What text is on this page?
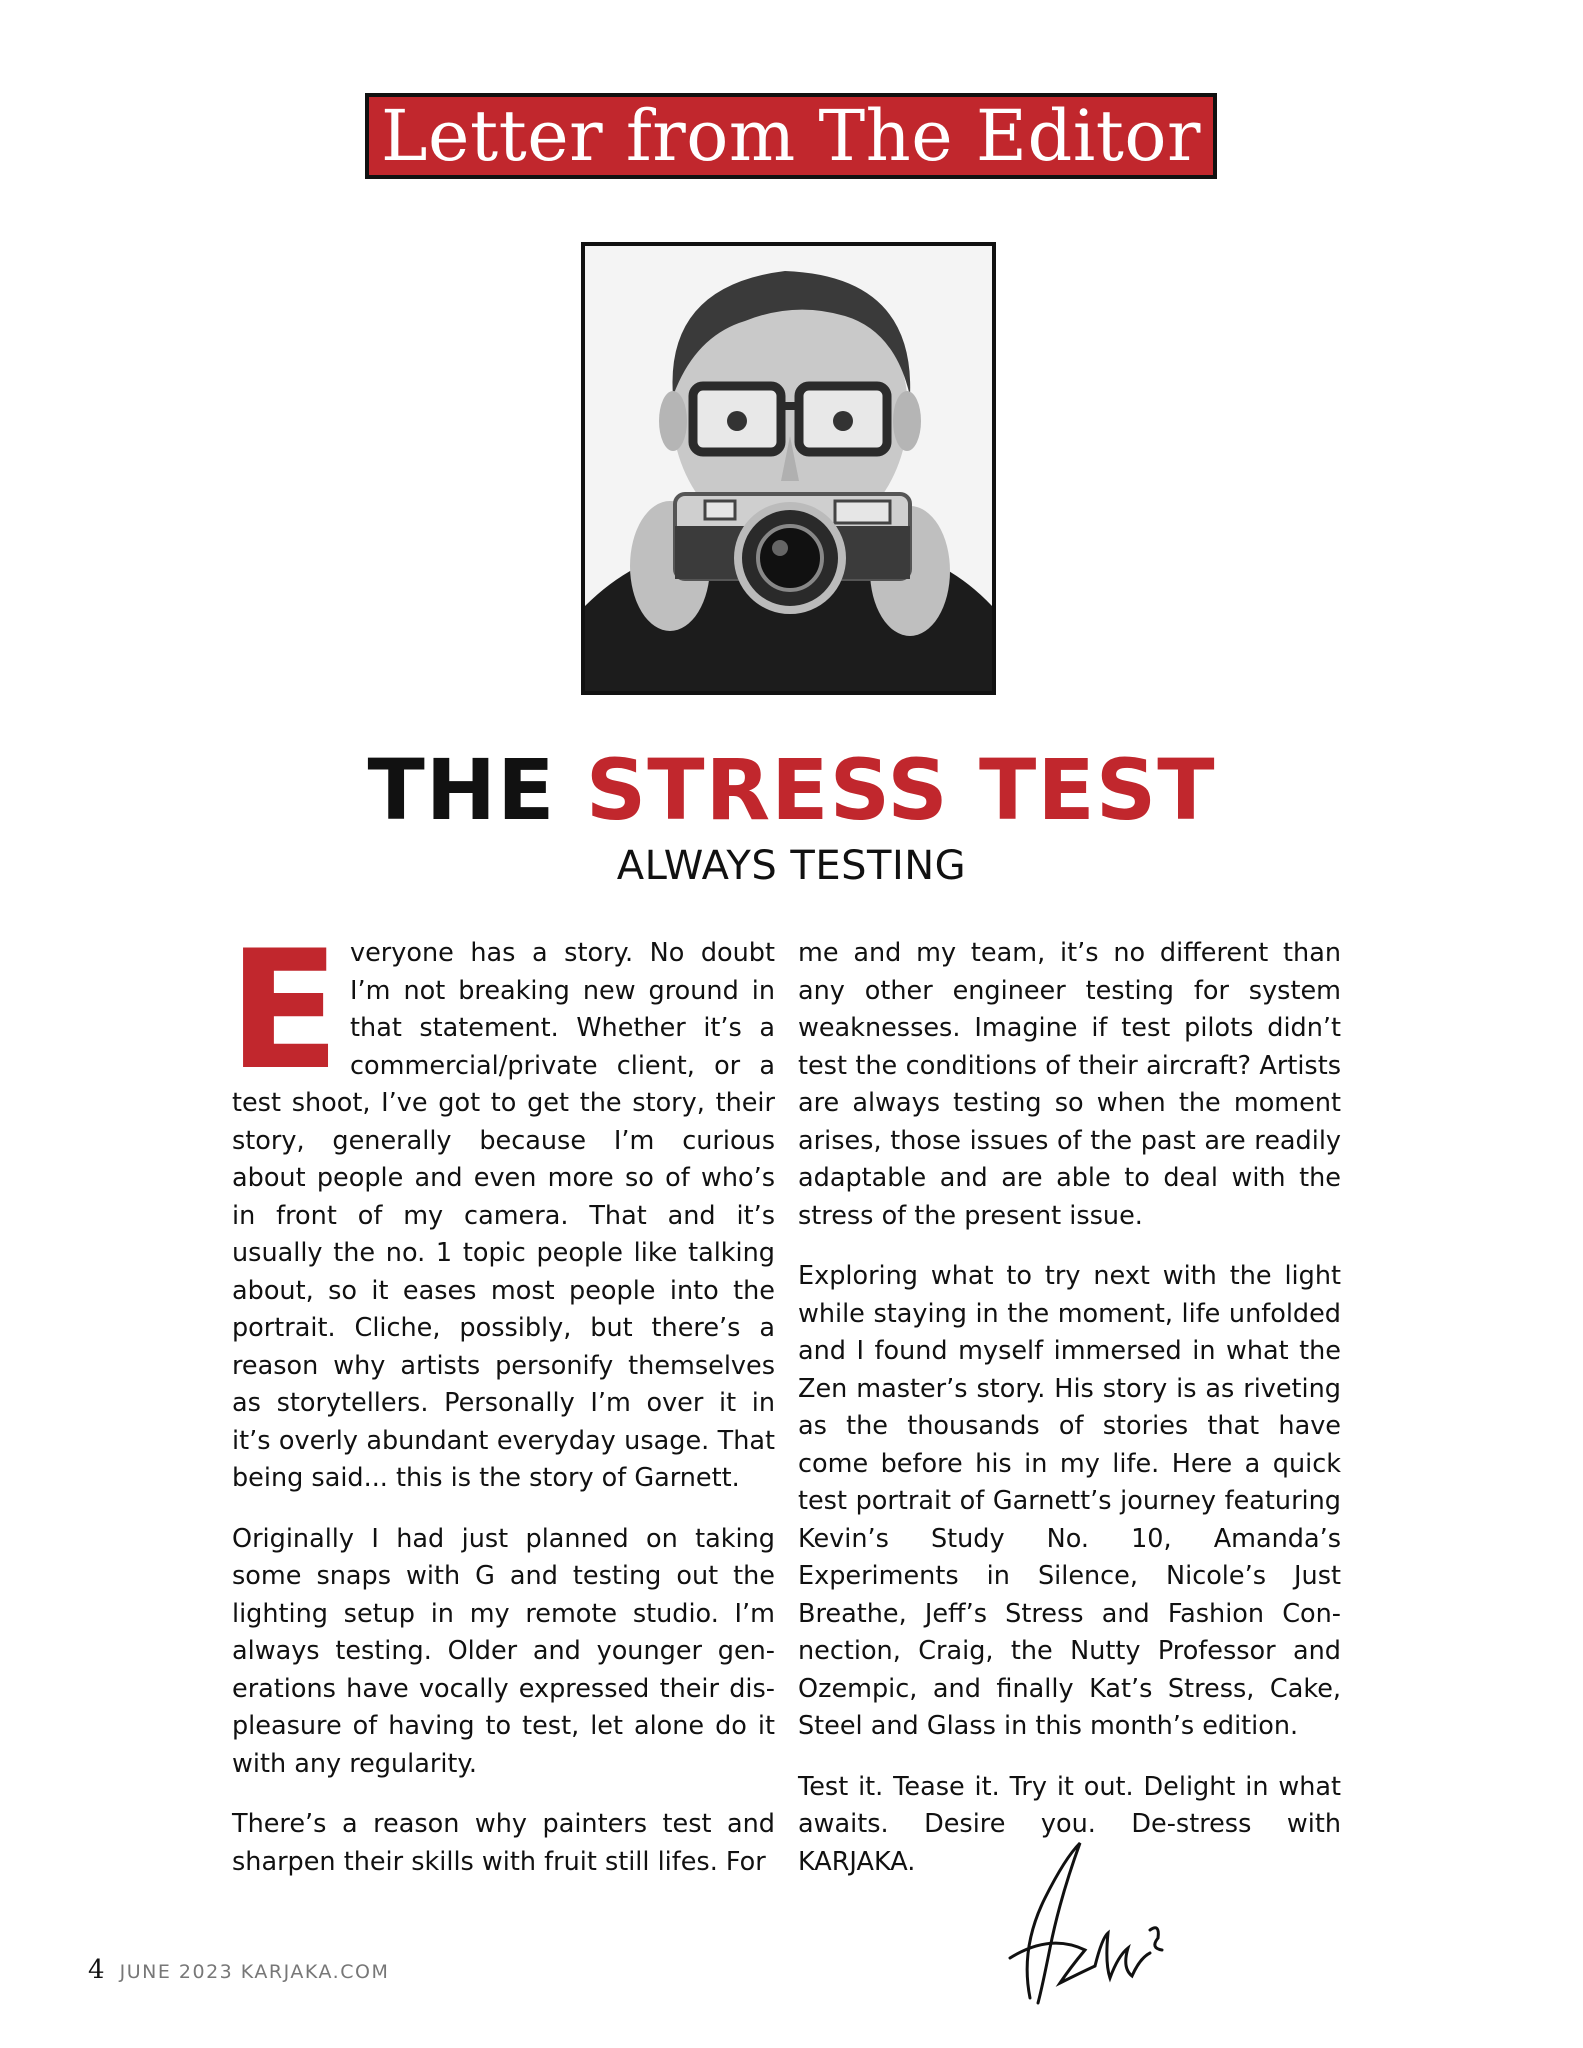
Letter from The Editor
THE STRESS TEST
ALWAYS TESTING

Everyone has a story. No doubt I’m not breaking new ground in that statement. Whether it’s a commercial/private client, or a test shoot, I’ve got to get the story, their story, generally because I’m curious about people and even more so of who’s in front of my camera. That and it’s usually the no. 1 topic people like talking about, so it eases most people into the portrait. Cliche, possibly, but there’s a reason why artists personify themselves as storytellers. Personally I’m over it in it’s overly abundant everyday usage. That being said... this is the story of Garnett.

Originally I had just planned on taking some snaps with G and testing out the lighting setup in my remote studio. I’m always testing. Older and younger generations have vocally expressed their displeasure of having to test, let alone do it with any regularity.

There’s a reason why painters test and sharpen their skills with fruit still lifes. For

me and my team, it’s no different than any other engineer testing for system weaknesses. Imagine if test pilots didn’t test the conditions of their aircraft? Artists are always testing so when the moment arises, those issues of the past are readily adaptable and are able to deal with the stress of the present issue.

Exploring what to try next with the light while staying in the moment, life unfolded and I found myself immersed in what the Zen master’s story. His story is as riveting as the thousands of stories that have come before his in my life. Here a quick test portrait of Garnett’s journey featuring Kevin’s Study No. 10, Amanda’s Experiments in Silence, Nicole’s Just Breathe, Jeff’s Stress and Fashion Connection, Craig, the Nutty Professor and Ozempic, and finally Kat’s Stress, Cake, Steel and Glass in this month’s edition.

Test it. Tease it. Try it out. Delight in what awaits. Desire you. De-stress with KARJAKA.

4 JUNE 2023 KARJAKA.COM
